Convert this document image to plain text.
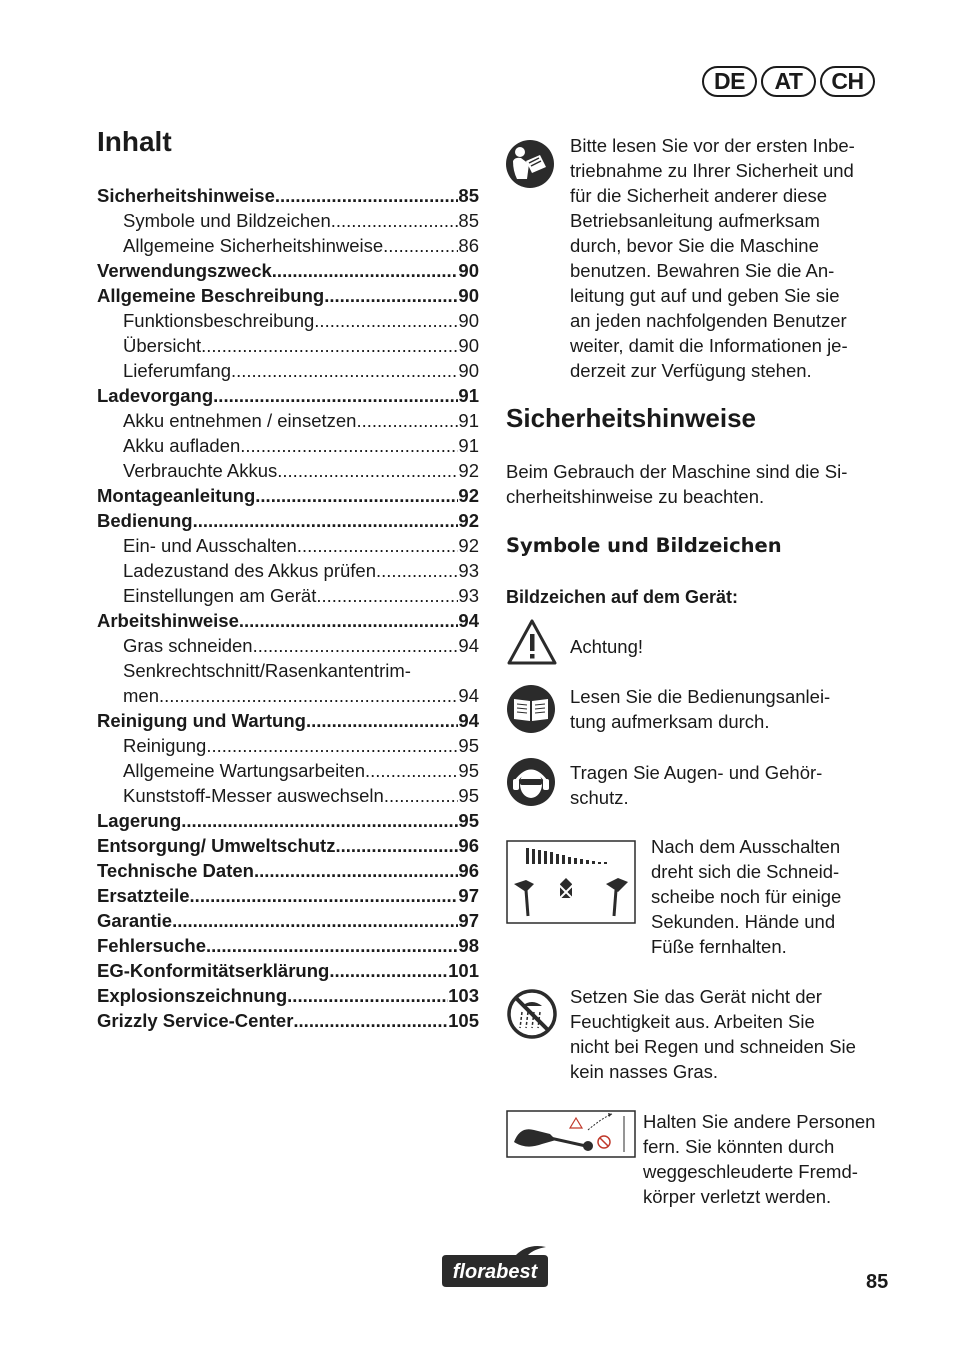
DE	AT	CH
Inhalt
Sicherheitshinweise .....	85
Symbole und Bildzeichen .....	85
Allgemeine Sicherheitshinweise .....	86
Verwendungszweck .....	90
Allgemeine Beschreibung .....	90
Funktionsbeschreibung .....	90
Übersicht .....	90
Lieferumfang .....	90
Ladevorgang .....	91
Akku entnehmen / einsetzen .....	91
Akku aufladen .....	91
Verbrauchte Akkus .....	92
Montageanleitung .....	92
Bedienung .....	92
Ein- und Ausschalten .....	92
Ladezustand des Akkus prüfen .....	93
Einstellungen am Gerät .....	93
Arbeitshinweise .....	94
Gras schneiden .....	94
Senkrechtschnitt/Rasenkantentrim-
men .....	94
Reinigung und Wartung .....	94
Reinigung .....	95
Allgemeine Wartungsarbeiten .....	95
Kunststoff-Messer auswechseln .....	95
Lagerung .....	95
Entsorgung/ Umweltschutz .....	96
Technische Daten .....	96
Ersatzteile .....	97
Garantie .....	97
Fehlersuche .....	98
EG-Konformitätserklärung .....	101
Explosionszeichnung .....	103
Grizzly Service-Center .....	105
Bitte lesen Sie vor der ersten Inbe-
triebnahme zu Ihrer Sicherheit und
für die Sicherheit anderer diese
Betriebsanleitung aufmerksam
durch, bevor Sie die Maschine
benutzen. Bewahren Sie die An-
leitung gut auf und geben Sie sie
an jeden nachfolgenden Benutzer
weiter, damit die Informationen je-
derzeit zur Verfügung stehen.
Sicherheitshinweise
Beim Gebrauch der Maschine sind die Si-
cherheitshinweise zu beachten.
Symbole und Bildzeichen
Bildzeichen auf dem Gerät:
Achtung!
Lesen Sie die Bedienungsanlei-
tung aufmerksam durch.
Tragen Sie Augen- und Gehör-
schutz.
Nach dem Ausschalten
dreht sich die Schneid-
scheibe noch für einige
Sekunden. Hände und
Füße fernhalten.
Setzen Sie das Gerät nicht der
Feuchtigkeit aus. Arbeiten Sie
nicht bei Regen und schneiden Sie
kein nasses Gras.
Halten Sie andere Personen
fern. Sie könnten durch
weggeschleuderte Fremd-
körper verletzt werden.
florabest	85
